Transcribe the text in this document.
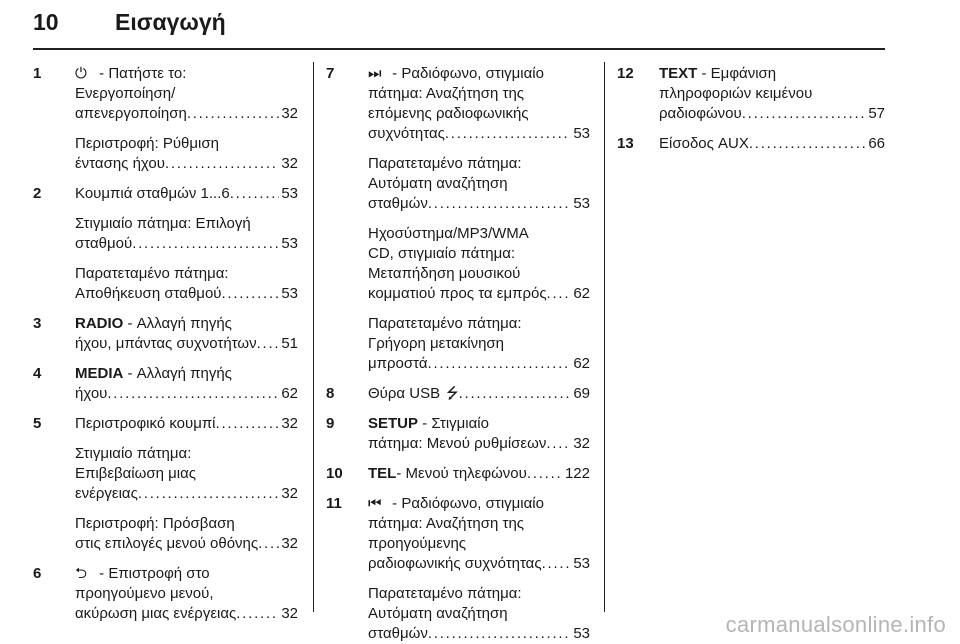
10 Εισαγωγή
1 ⏻ - Πατήστε το:
Ενεργοποίηση/
απενεργοποίηση . . .	32
Περιστροφή: Ρύθμιση
έντασης ήχου . . .	32
2 Κουμπιά σταθμών 1...6 . . .	53
Στιγμιαίο πάτημα: Επιλογή
σταθμού . . .	53
Παρατεταμένο πάτημα:
Αποθήκευση σταθμού . . .	53
3 RADIO - Αλλαγή πηγής
ήχου, μπάντας συχνοτήτων . . . 51
4 MEDIA - Αλλαγή πηγής
ήχου . . .	62
5 Περιστροφικό κουμπί . . .	32
Στιγμιαίο πάτημα:
Επιβεβαίωση μιας
ενέργειας . . .	32
Περιστροφή: Πρόσβαση
στις επιλογές μενού οθόνης . . . 32
6 ⮌ - Επιστροφή στο
προηγούμενο μενού,
ακύρωση μιας ενέργειας . . .	32
7 ⏭ - Ραδιόφωνο, στιγμιαίο
πάτημα: Αναζήτηση της
επόμενης ραδιοφωνικής
συχνότητας . . .	53
Παρατεταμένο πάτημα:
Αυτόματη αναζήτηση
σταθμών . . .	53
Ηχοσύστημα/MP3/WMA
CD, στιγμιαίο πάτημα:
Μεταπήδηση μουσικού
κομματιού προς τα εμπρός . . . 62
Παρατεταμένο πάτημα:
Γρήγορη μετακίνηση
μπροστά . . .	62
8 Θύρα USB ⭍ . . .	69
9 SETUP - Στιγμιαίο
πάτημα: Μενού ρυθμίσεων . . . 32
10 TEL - Μενού τηλεφώνου . . .	122
11 ⏮ - Ραδιόφωνο, στιγμιαίο
πάτημα: Αναζήτηση της
προηγούμενης
ραδιοφωνικής συχνότητας . . . 53
Παρατεταμένο πάτημα:
Αυτόματη αναζήτηση
σταθμών . . .	53
12 TEXT - Εμφάνιση
πληροφοριών κειμένου
ραδιοφώνου . . .	57
13 Είσοδος AUX . . .	66
carmanualsonline.info
